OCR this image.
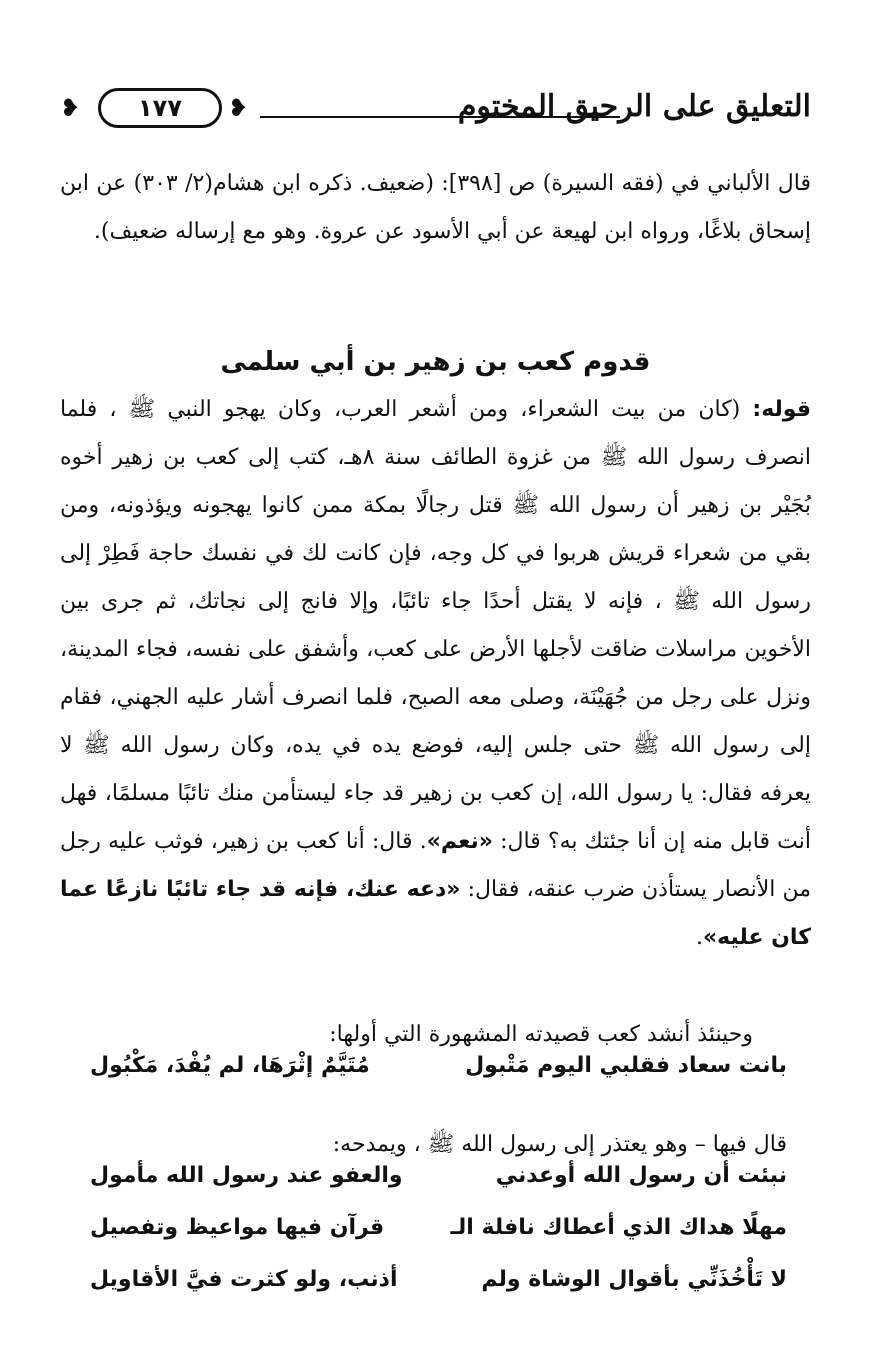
❥ ١٧٧ ❥	التعليق على الرحيق المختوم

قال الألباني في (فقه السيرة) ص [٣٩٨]: (ضعيف. ذكره ابن هشام(٢/ ٣٠٣) عن ابن إسحاق بلاغًا، ورواه ابن لهيعة عن أبي الأسود عن عروة. وهو مع إرساله ضعيف).

قدوم كعب بن زهير بن أبي سلمى

قوله: (كان من بيت الشعراء، ومن أشعر العرب، وكان يهجو النبي ﷺ ، فلما انصرف رسول الله ﷺ من غزوة الطائف سنة ٨هـ، كتب إلى كعب بن زهير أخوه بُجَيْر بن زهير أن رسول الله ﷺ قتل رجالًا بمكة ممن كانوا يهجونه ويؤذونه، ومن بقي من شعراء قريش هربوا في كل وجه، فإن كانت لك في نفسك حاجة فَطِرْ إلى رسول الله ﷺ ، فإنه لا يقتل أحدًا جاء تائبًا، وإلا فانج إلى نجاتك، ثم جرى بين الأخوين مراسلات ضاقت لأجلها الأرض على كعب، وأشفق على نفسه، فجاء المدينة، ونزل على رجل من جُهَيْنَة، وصلى معه الصبح، فلما انصرف أشار عليه الجهني، فقام إلى رسول الله ﷺ حتى جلس إليه، فوضع يده في يده، وكان رسول الله ﷺ لا يعرفه فقال: يا رسول الله، إن كعب بن زهير قد جاء ليستأمن منك تائبًا مسلمًا، فهل أنت قابل منه إن أنا جئتك به؟ قال: «نعم». قال: أنا كعب بن زهير، فوثب عليه رجل من الأنصار يستأذن ضرب عنقه، فقال: «دعه عنك، فإنه قد جاء تائبًا نازعًا عما كان عليه».

وحينئذ أنشد كعب قصيدته المشهورة التي أولها:

بانت سعاد فقلبي اليوم مَتْبول
مُتَيَّمٌ إثْرَهَا، لم يُفْدَ، مَكْبُول

قال فيها – وهو يعتذر إلى رسول الله ﷺ ، ويمدحه:

نبئت أن رسول الله أوعدني
والعفو عند رسول الله مأمول
مهلًا هداك الذي أعطاك نافلة الـ
قرآن فيها مواعيظ وتفصيل
لا تَأْخُذَنِّي بأقوال الوشاة ولم
أذنب، ولو كثرت فيَّ الأقاويل
